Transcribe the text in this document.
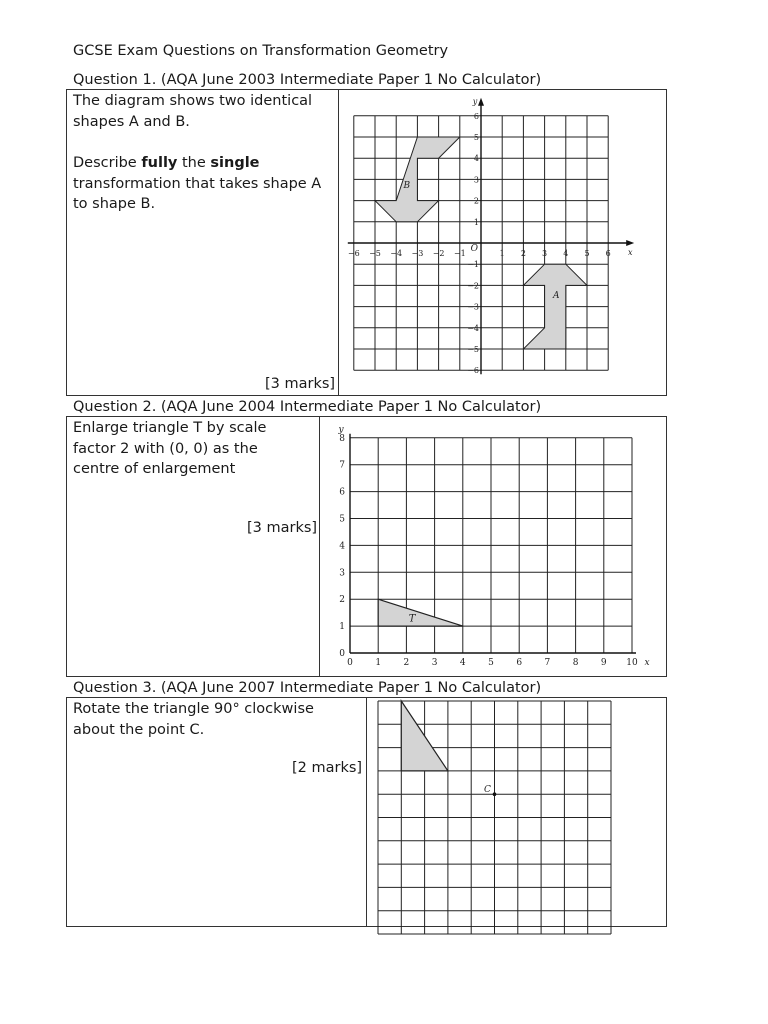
GCSE Exam Questions on Transformation Geometry
Question 1. (AQA June 2003 Intermediate Paper 1 No Calculator)
The diagram shows two identical
shapes A and B.
Describe fully the single
transformation that takes shape A
to shape B.
[3 marks]
−6 −5 −4 −3 −2 −1	1 2 3 4 5 6
6
5
4
3
2
1
−1
−2
−3
−4
−5
−6
O	x
y
B
A
Question 2. (AQA June 2004 Intermediate Paper 1 No Calculator)
Enlarge triangle T by scale
factor 2 with (0, 0) as the
centre of enlargement
[3 marks]
0 1 2 3 4 5 6 7 8 9 10
0
1
2
3
4
5
6
7
8
x
y
T
Question 3. (AQA June 2007 Intermediate Paper 1 No Calculator)
Rotate the triangle 90° clockwise
about the point C.
[2 marks]
C
